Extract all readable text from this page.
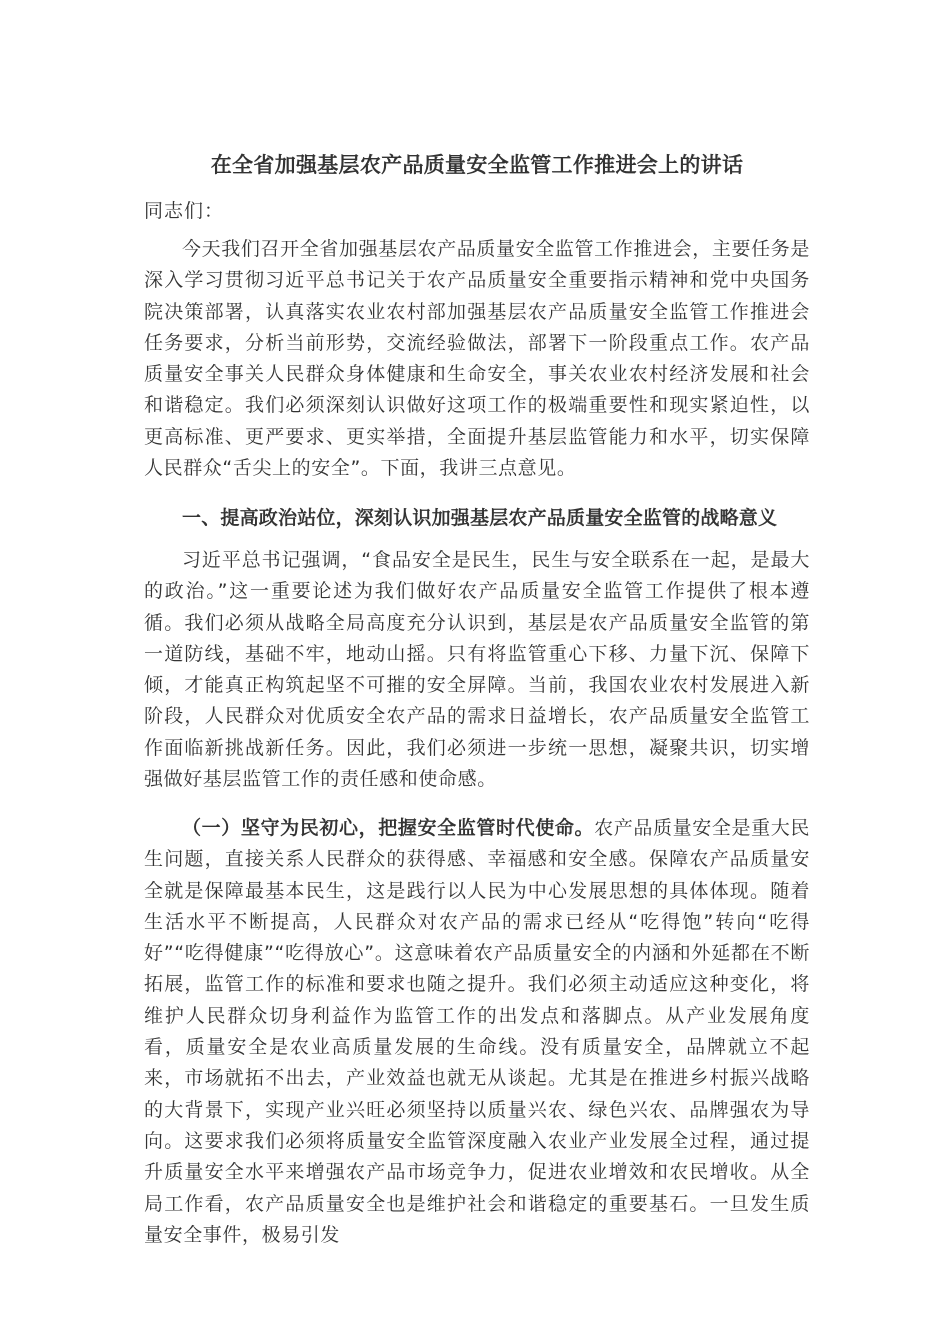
在全省加强基层农产品质量安全监管工作推进会上的讲话
同志们：

今天我们召开全省加强基层农产品质量安全监管工作推进会，主要任务是深入学习贯彻习近平总书记关于农产品质量安全重要指示精神和党中央国务院决策部署，认真落实农业农村部加强基层农产品质量安全监管工作推进会任务要求，分析当前形势，交流经验做法，部署下一阶段重点工作。农产品质量安全事关人民群众身体健康和生命安全，事关农业农村经济发展和社会和谐稳定。我们必须深刻认识做好这项工作的极端重要性和现实紧迫性，以更高标准、更严要求、更实举措，全面提升基层监管能力和水平，切实保障人民群众“舌尖上的安全”。下面，我讲三点意见。

一、提高政治站位，深刻认识加强基层农产品质量安全监管的战略意义

习近平总书记强调，“食品安全是民生，民生与安全联系在一起，是最大的政治。”这一重要论述为我们做好农产品质量安全监管工作提供了根本遵循。我们必须从战略全局高度充分认识到，基层是农产品质量安全监管的第一道防线，基础不牢，地动山摇。只有将监管重心下移、力量下沉、保障下倾，才能真正构筑起坚不可摧的安全屏障。当前，我国农业农村发展进入新阶段，人民群众对优质安全农产品的需求日益增长，农产品质量安全监管工作面临新挑战新任务。因此，我们必须进一步统一思想，凝聚共识，切实增强做好基层监管工作的责任感和使命感。

（一）坚守为民初心，把握安全监管时代使命。农产品质量安全是重大民生问题，直接关系人民群众的获得感、幸福感和安全感。保障农产品质量安全就是保障最基本民生，这是践行以人民为中心发展思想的具体体现。随着生活水平不断提高，人民群众对农产品的需求已经从“吃得饱”转向“吃得好”“吃得健康”“吃得放心”。这意味着农产品质量安全的内涵和外延都在不断拓展，监管工作的标准和要求也随之提升。我们必须主动适应这种变化，将维护人民群众切身利益作为监管工作的出发点和落脚点。从产业发展角度看，质量安全是农业高质量发展的生命线。没有质量安全，品牌就立不起来，市场就拓不出去，产业效益也就无从谈起。尤其是在推进乡村振兴战略的大背景下，实现产业兴旺必须坚持以质量兴农、绿色兴农、品牌强农为导向。这要求我们必须将质量安全监管深度融入农业产业发展全过程，通过提升质量安全水平来增强农产品市场竞争力，促进农业增效和农民增收。从全局工作看，农产品质量安全也是维护社会和谐稳定的重要基石。一旦发生质量安全事件，极易引发
